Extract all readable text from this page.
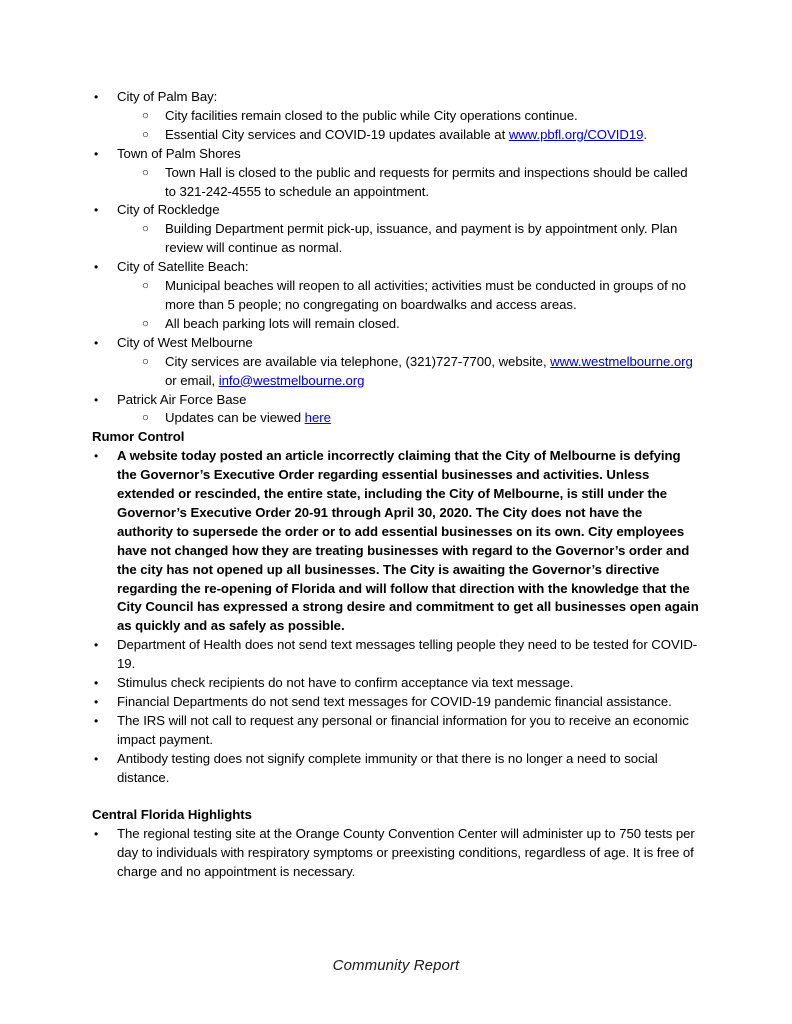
•
City of Palm Bay:
○
City facilities remain closed to the public while City operations continue.
○
Essential City services and COVID-19 updates available at www.pbfl.org/COVID19.
•
Town of Palm Shores
○
Town Hall is closed to the public and requests for permits and inspections should be called to 321-242-4555 to schedule an appointment.
•
City of Rockledge
○
Building Department permit pick-up, issuance, and payment is by appointment only. Plan review will continue as normal.
•
City of Satellite Beach:
○
Municipal beaches will reopen to all activities; activities must be conducted in groups of no more than 5 people; no congregating on boardwalks and access areas.
○
All beach parking lots will remain closed.
•
City of West Melbourne
○
City services are available via telephone, (321)727-7700, website, www.westmelbourne.org or email, info@westmelbourne.org
•
Patrick Air Force Base
○
Updates can be viewed here
Rumor Control
•
A website today posted an article incorrectly claiming that the City of Melbourne is defying the Governor’s Executive Order regarding essential businesses and activities. Unless extended or rescinded, the entire state, including the City of Melbourne, is still under the Governor’s Executive Order 20-91 through April 30, 2020. The City does not have the authority to supersede the order or to add essential businesses on its own. City employees have not changed how they are treating businesses with regard to the Governor’s order and the city has not opened up all businesses. The City is awaiting the Governor’s directive regarding the re-opening of Florida and will follow that direction with the knowledge that the City Council has expressed a strong desire and commitment to get all businesses open again as quickly and as safely as possible.
•
Department of Health does not send text messages telling people they need to be tested for COVID-19.
•
Stimulus check recipients do not have to confirm acceptance via text message.
•
Financial Departments do not send text messages for COVID-19 pandemic financial assistance.
•
The IRS will not call to request any personal or financial information for you to receive an economic impact payment.
•
Antibody testing does not signify complete immunity or that there is no longer a need to social distance.
Central Florida Highlights
•
The regional testing site at the Orange County Convention Center will administer up to 750 tests per day to individuals with respiratory symptoms or preexisting conditions, regardless of age. It is free of charge and no appointment is necessary.
Community Report
